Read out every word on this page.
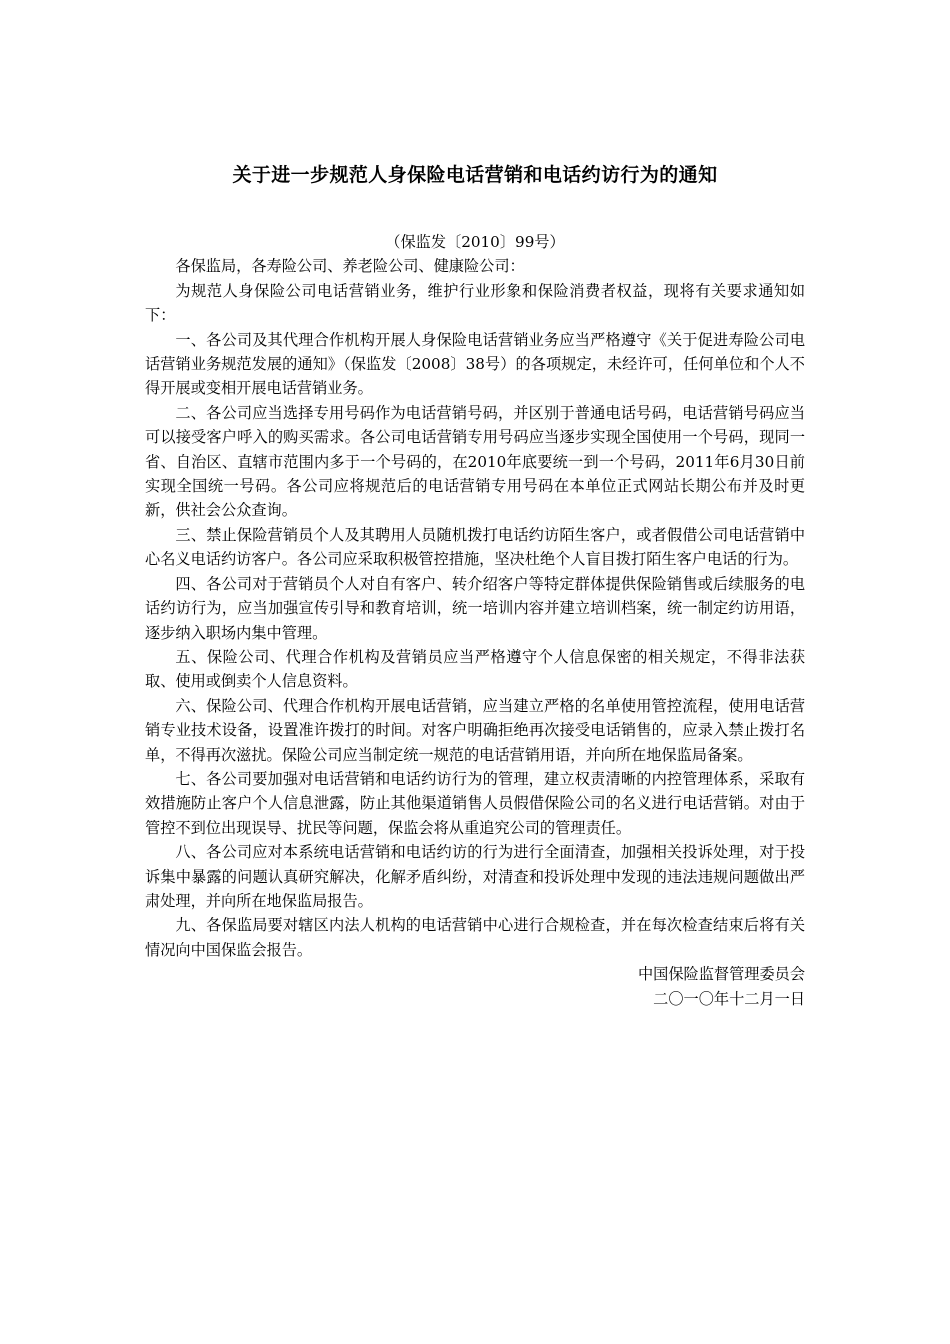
关于进一步规范人身保险电话营销和电话约访行为的通知

（保监发〔2010〕99号）

各保监局，各寿险公司、养老险公司、健康险公司：

为规范人身保险公司电话营销业务，维护行业形象和保险消费者权益，现将有关要求通知如下：

一、各公司及其代理合作机构开展人身保险电话营销业务应当严格遵守《关于促进寿险公司电话营销业务规范发展的通知》（保监发〔2008〕38号）的各项规定，未经许可，任何单位和个人不得开展或变相开展电话营销业务。

二、各公司应当选择专用号码作为电话营销号码，并区别于普通电话号码，电话营销号码应当可以接受客户呼入的购买需求。各公司电话营销专用号码应当逐步实现全国使用一个号码，现同一省、自治区、直辖市范围内多于一个号码的，在2010年底要统一到一个号码，2011年6月30日前实现全国统一号码。各公司应将规范后的电话营销专用号码在本单位正式网站长期公布并及时更新，供社会公众查询。

三、禁止保险营销员个人及其聘用人员随机拨打电话约访陌生客户，或者假借公司电话营销中心名义电话约访客户。各公司应采取积极管控措施，坚决杜绝个人盲目拨打陌生客户电话的行为。

四、各公司对于营销员个人对自有客户、转介绍客户等特定群体提供保险销售或后续服务的电话约访行为，应当加强宣传引导和教育培训，统一培训内容并建立培训档案，统一制定约访用语，逐步纳入职场内集中管理。

五、保险公司、代理合作机构及营销员应当严格遵守个人信息保密的相关规定，不得非法获取、使用或倒卖个人信息资料。

六、保险公司、代理合作机构开展电话营销，应当建立严格的名单使用管控流程，使用电话营销专业技术设备，设置准许拨打的时间。对客户明确拒绝再次接受电话销售的，应录入禁止拨打名单，不得再次滋扰。保险公司应当制定统一规范的电话营销用语，并向所在地保监局备案。

七、各公司要加强对电话营销和电话约访行为的管理，建立权责清晰的内控管理体系，采取有效措施防止客户个人信息泄露，防止其他渠道销售人员假借保险公司的名义进行电话营销。对由于管控不到位出现误导、扰民等问题，保监会将从重追究公司的管理责任。

八、各公司应对本系统电话营销和电话约访的行为进行全面清查，加强相关投诉处理，对于投诉集中暴露的问题认真研究解决，化解矛盾纠纷，对清查和投诉处理中发现的违法违规问题做出严肃处理，并向所在地保监局报告。

九、各保监局要对辖区内法人机构的电话营销中心进行合规检查，并在每次检查结束后将有关情况向中国保监会报告。

中国保险监督管理委员会

二〇一〇年十二月一日
